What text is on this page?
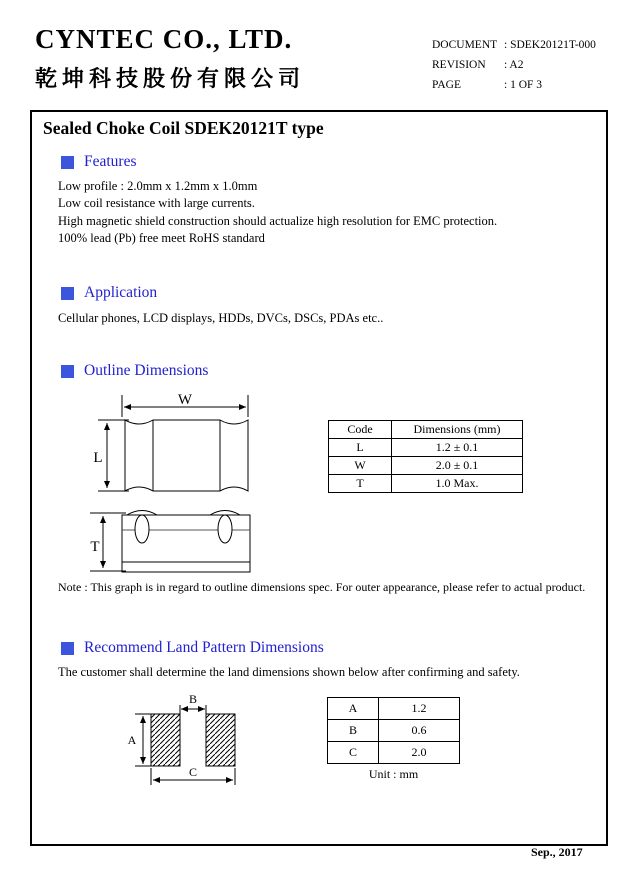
CYNTEC CO., LTD.
乾坤科技股份有限公司
DOCUMENT : SDEK20121T-000
REVISION	: A2
PAGE	: 1 OF 3
Sealed Choke Coil SDEK20121T type
Features
Low profile : 2.0mm x 1.2mm x 1.0mm
Low coil resistance with large currents.
High magnetic shield construction should actualize high resolution for EMC protection.
100% lead (Pb) free meet RoHS standard
Application
Cellular phones, LCD displays, HDDs, DVCs, DSCs, PDAs etc..
Outline Dimensions
W
L
T
Code	Dimensions (mm)
L	1.2 ± 0.1
W	2.0 ± 0.1
T	1.0 Max.
Note : This graph is in regard to outline dimensions spec. For outer appearance, please refer to actual product.
Recommend Land Pattern Dimensions
The customer shall determine the land dimensions shown below after confirming and safety.
B
A
C
A	1.2
B	0.6
C	2.0
Unit : mm
Sep., 2017
